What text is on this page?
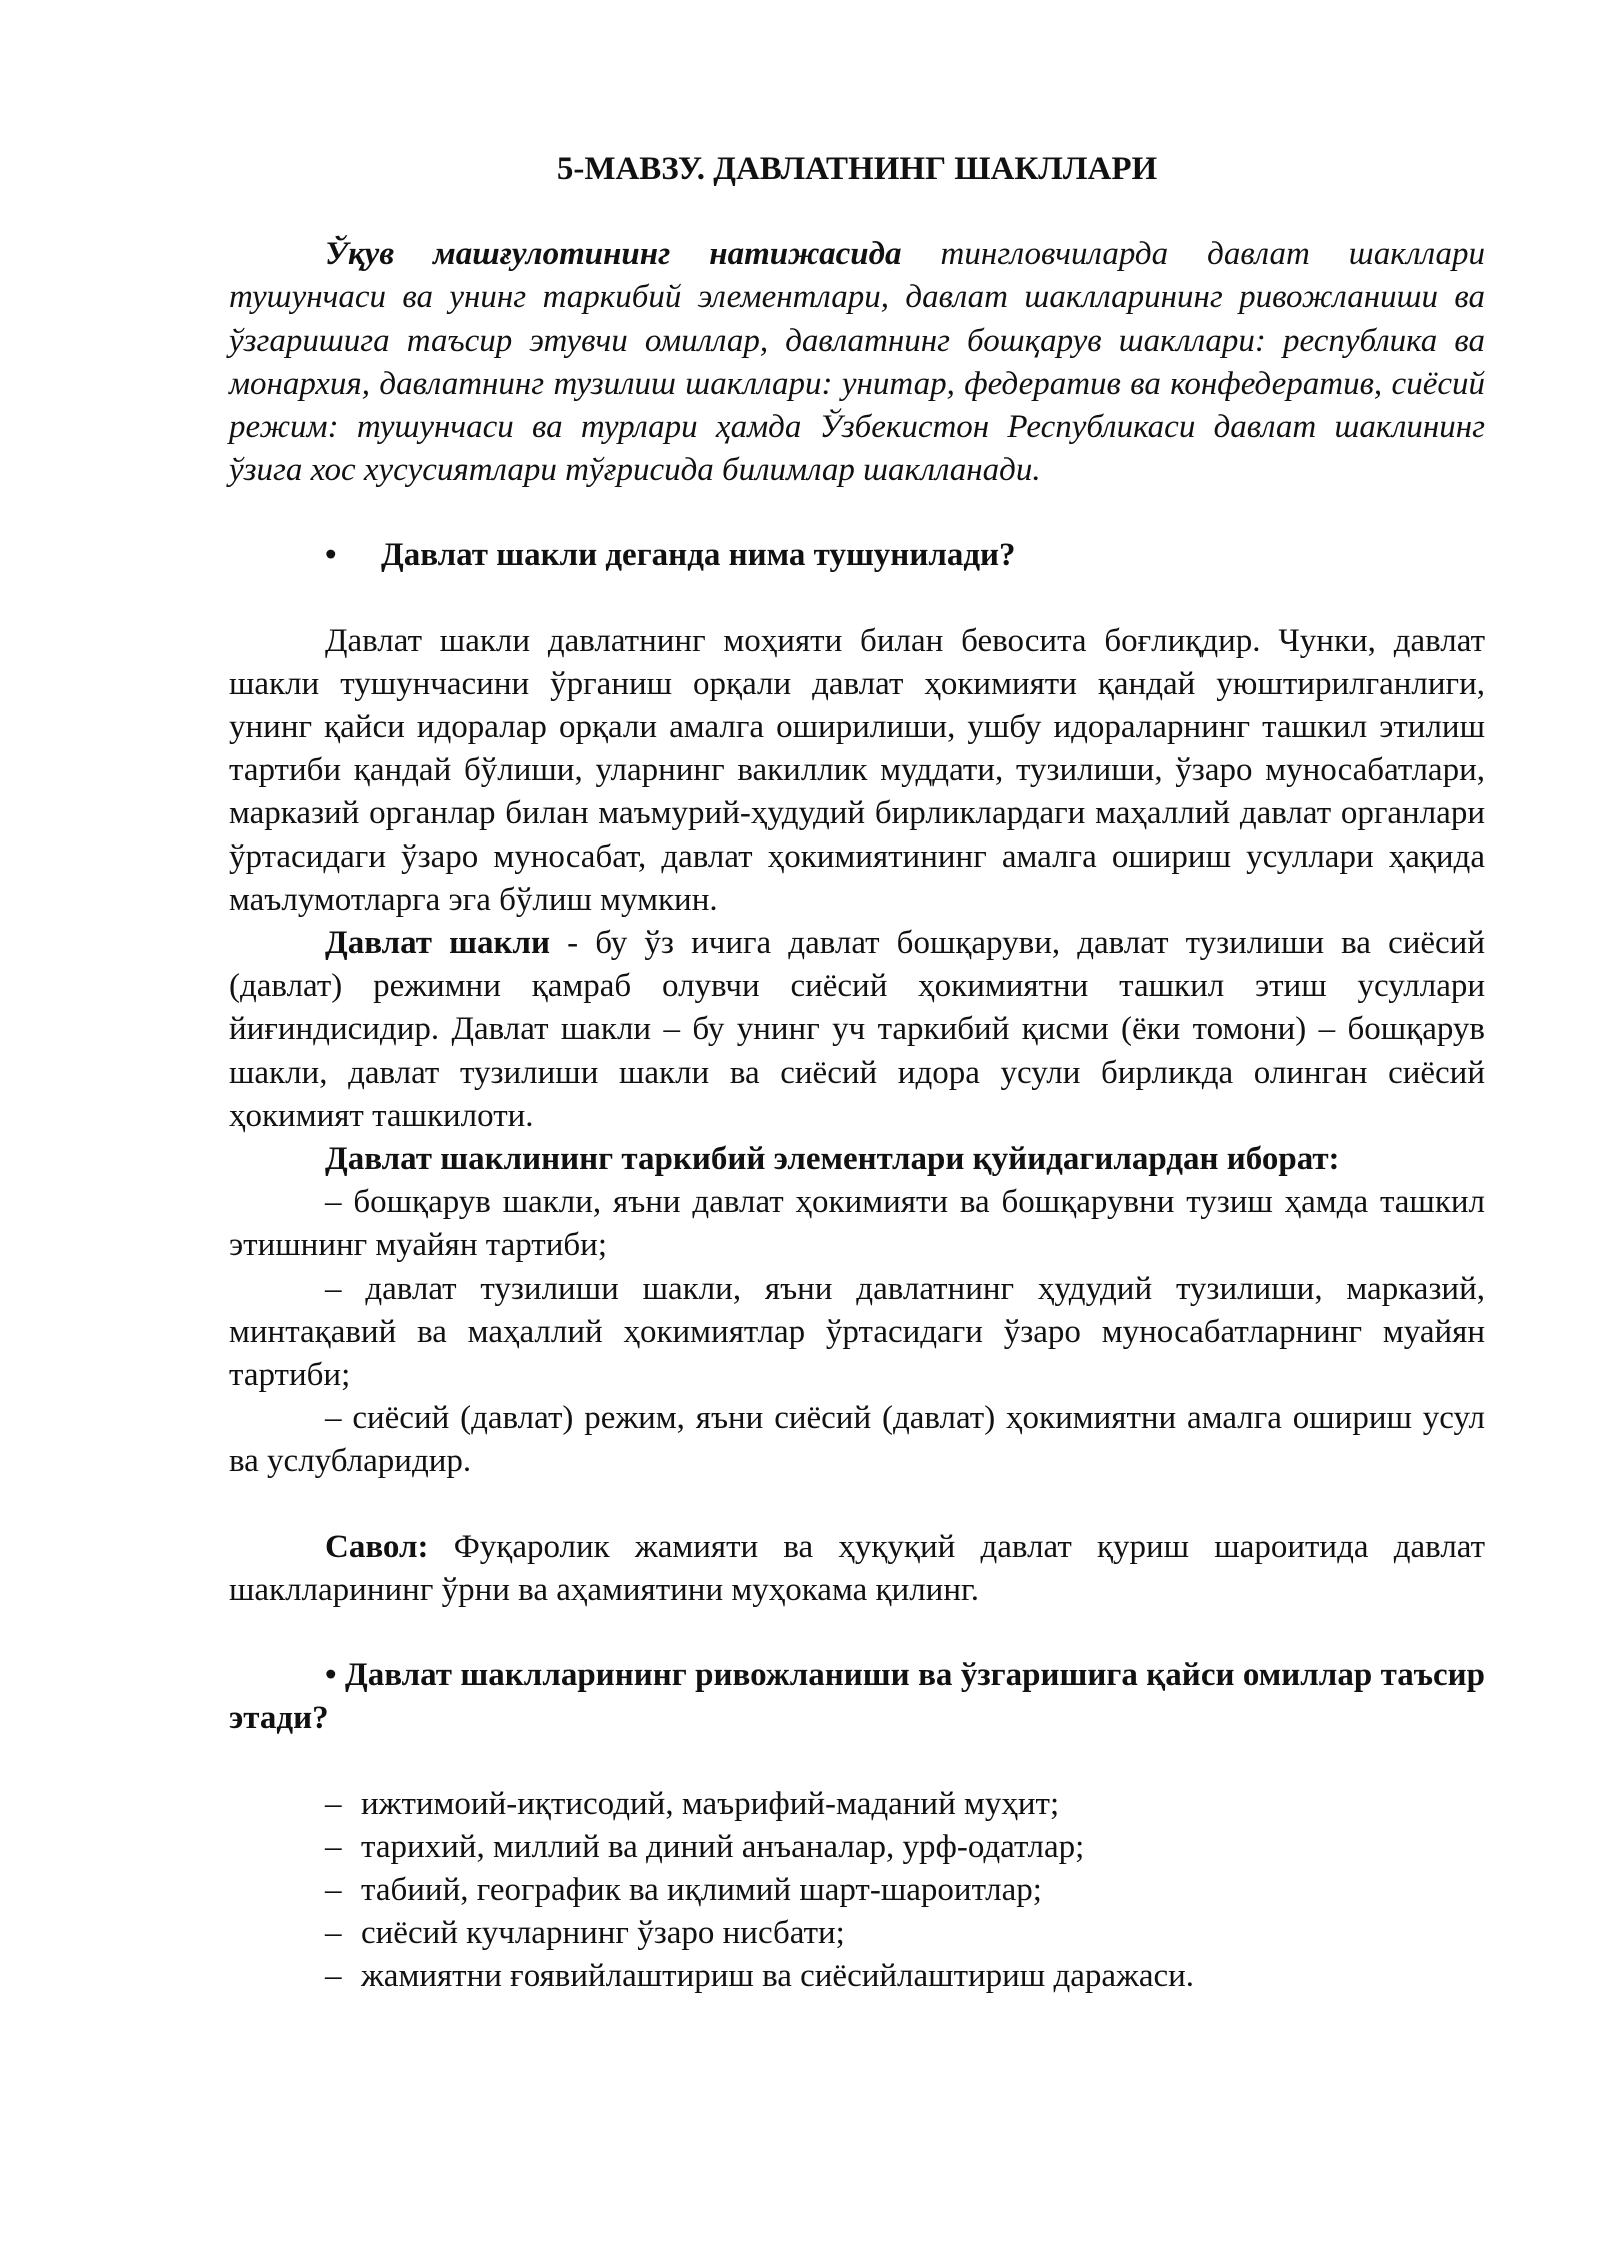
5-МАВЗУ. ДАВЛАТНИНГ ШАКЛЛАРИ

Ўқув машғулотининг натижасида тингловчиларда давлат шакллари тушунчаси ва унинг таркибий элементлари, давлат шаклларининг ривожланиши ва ўзгаришига таъсир этувчи омиллар, давлатнинг бошқарув шакллари: республика ва монархия, давлатнинг тузилиш шакллари: унитар, федератив ва конфедератив, сиёсий режим: тушунчаси ва турлари ҳамда Ўзбекистон Республикаси давлат шаклининг ўзига хос хусусиятлари тўғрисида билимлар шаклланади.

•	Давлат шакли деганда нима тушунилади?

Давлат шакли давлатнинг моҳияти билан бевосита боғлиқдир. Чунки, давлат шакли тушунчасини ўрганиш орқали давлат ҳокимияти қандай уюштирилганлиги, унинг қайси идоралар орқали амалга оширилиши, ушбу идораларнинг ташкил этилиш тартиби қандай бўлиши, уларнинг вакиллик муддати, тузилиши, ўзаро муносабатлари, марказий органлар билан маъмурий-ҳудудий бирликлардаги маҳаллий давлат органлари ўртасидаги ўзаро муносабат, давлат ҳокимиятининг амалга ошириш усуллари ҳақида маълумотларга эга бўлиш мумкин.

Давлат шакли - бу ўз ичига давлат бошқаруви, давлат тузилиши ва сиёсий (давлат) режимни қамраб олувчи сиёсий ҳокимиятни ташкил этиш усуллари йиғиндисидир. Давлат шакли – бу унинг уч таркибий қисми (ёки томони) – бошқарув шакли, давлат тузилиши шакли ва сиёсий идора усули бирликда олинган сиёсий ҳокимият ташкилоти.

Давлат шаклининг таркибий элементлари қуйидагилардан иборат:

– бошқарув шакли, яъни давлат ҳокимияти ва бошқарувни тузиш ҳамда ташкил этишнинг муайян тартиби;

– давлат тузилиши шакли, яъни давлатнинг ҳудудий тузилиши, марказий, минтақавий ва маҳаллий ҳокимиятлар ўртасидаги ўзаро муносабатларнинг муайян тартиби;

– сиёсий (давлат) режим, яъни сиёсий (давлат) ҳокимиятни амалга ошириш усул ва услубларидир.

Савол: Фуқаролик жамияти ва ҳуқуқий давлат қуриш шароитида давлат шаклларининг ўрни ва аҳамиятини муҳокама қилинг.

• Давлат шаклларининг ривожланиши ва ўзгаришига қайси омиллар таъсир этади?

– ижтимоий-иқтисодий, маърифий-маданий муҳит;
– тарихий, миллий ва диний анъаналар, урф-одатлар;
– табиий, географик ва иқлимий шарт-шароитлар;
– сиёсий кучларнинг ўзаро нисбати;
– жамиятни ғоявийлаштириш ва сиёсийлаштириш даражаси.
